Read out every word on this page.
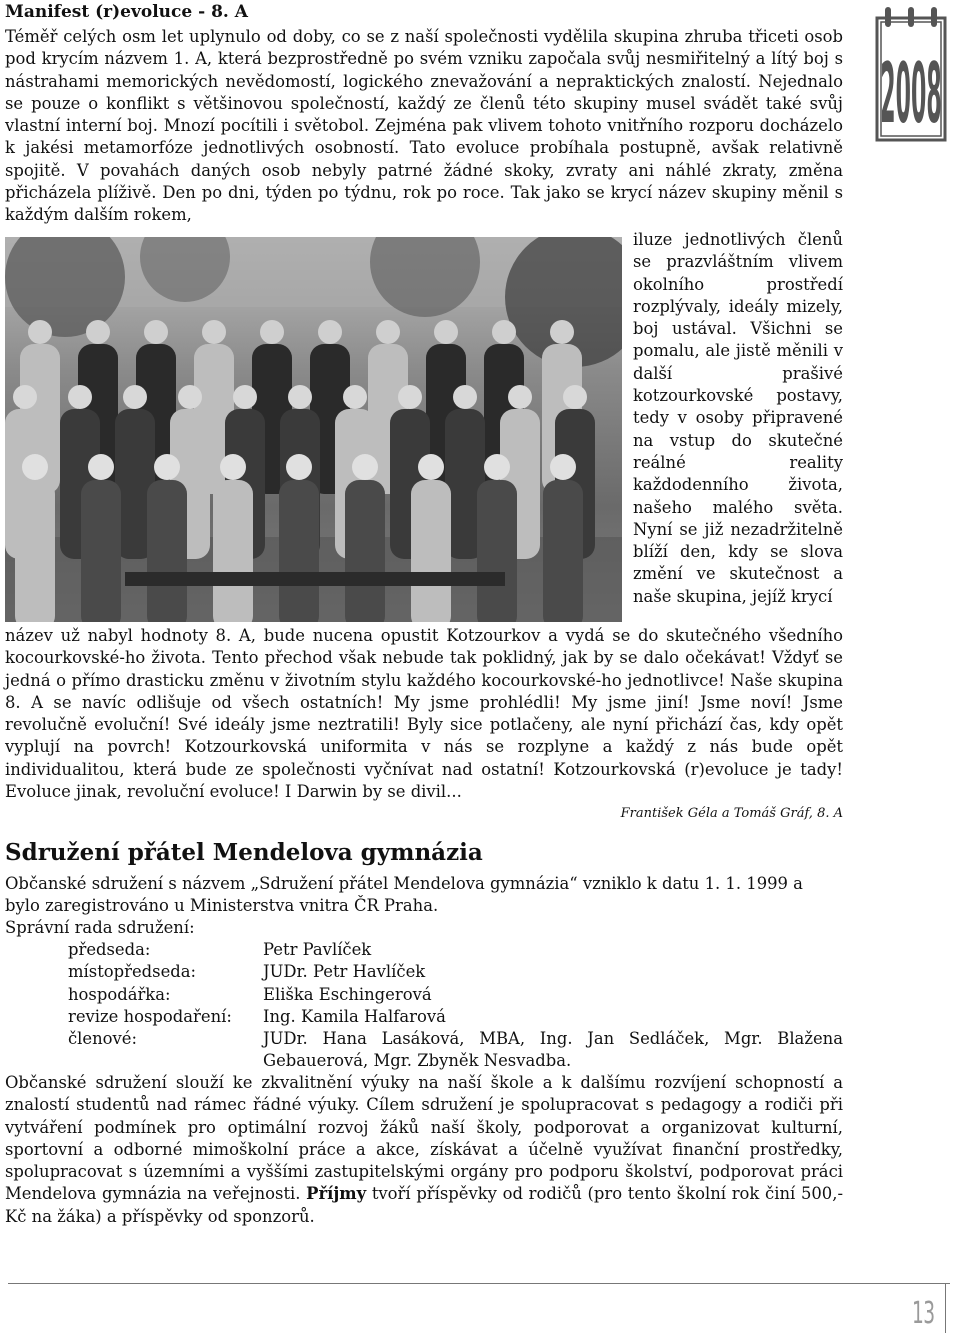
Manifest (r)evoluce - 8. A
Téměř celých osm let uplynulo od doby, co se z naší společnosti vydělila skupina zhruba třiceti osob pod krycím názvem 1. A, která bezprostředně po svém vzniku započala svůj nesmiřitelný a lítý boj s nástrahami memorických nevědomostí, logického znevažování a nepraktických znalostí. Nejednalo se pouze o konflikt s většinovou společností, každý ze členů této skupiny musel svádět také svůj vlastní interní boj. Mnozí pocítili i světobol. Zejména pak vlivem tohoto vnitřního rozporu docházelo k jakési metamorfóze jednotlivých osobností. Tato evoluce probíhala postupně, avšak relativně spojitě. V povahách daných osob nebyly patrné žádné skoky, zvraty ani náhlé zkraty, změna přicházela plíživě. Den po dni, týden po týdnu, rok po roce. Tak jako se krycí název skupiny měnil s každým dalším rokem,
iluze jednotlivých členů se prazvláštním vlivem okolního prostředí rozplývaly, ideály mizely, boj ustával. Všichni se pomalu, ale jistě měnili v další prašivé kotzourkovské postavy, tedy v osoby připravené na vstup do skutečné reálné reality každodenního života, našeho malého světa. Nyní se již nezadržitelně blíží den, kdy se slova změní ve skutečnost a naše skupina, jejíž krycí
název už nabyl hodnoty 8. A, bude nucena opustit Kotzourkov a vydá se do skutečného všedního kocourkovské-ho života. Tento přechod však nebude tak poklidný, jak by se dalo očekávat! Vždyť se jedná o přímo drasticku změnu v životním stylu každého kocourkovské-ho jednotlivce! Naše skupina 8. A se navíc odlišuje od všech ostatních! My jsme prohlédli! My jsme jiní! Jsme noví! Jsme revolučně evoluční! Své ideály jsme neztratili! Byly sice potlačeny, ale nyní přichází čas, kdy opět vyplují na povrch! Kotzourkovská uniformita v nás se rozplyne a každý z nás bude opět individualitou, která bude ze společnosti vyčnívat nad ostatní! Kotzourkovská (r)evoluce je tady! Evoluce jinak, revoluční evoluce! I Darwin by se divil...
František Géla a Tomáš Gráf, 8. A
Sdružení přátel Mendelova gymnázia
Občanské sdružení s názvem „Sdružení přátel Mendelova gymnázia“ vzniklo k datu 1. 1. 1999 a bylo zaregistrováno u Ministerstva vnitra ČR Praha.
Správní rada sdružení:
předseda:	Petr Pavlíček
místopředseda:	JUDr. Petr Havlíček
hospodářka:	Eliška Eschingerová
revize hospodaření: Ing. Kamila Halfarová
členové:	JUDr. Hana Lasáková, MBA, Ing. Jan Sedláček, Mgr. Blažena Gebauerová, Mgr. Zbyněk Nesvadba.
Občanské sdružení slouží ke zkvalitnění výuky na naší škole a k dalšímu rozvíjení schopností a znalostí studentů nad rámec řádné výuky. Cílem sdružení je spolupracovat s pedagogy a rodiči při vytváření podmínek pro optimální rozvoj žáků naší školy, podporovat a organizovat kulturní, sportovní a odborné mimoškolní práce a akce, získávat a účelně využívat finanční prostředky, spolupracovat s územními a vyššími zastupitelskými orgány pro podporu školství, podporovat práci Mendelova gymnázia na veřejnosti. Příjmy tvoří příspěvky od rodičů (pro tento školní rok činí 500,- Kč na žáka) a příspěvky od sponzorů.
2008
13
